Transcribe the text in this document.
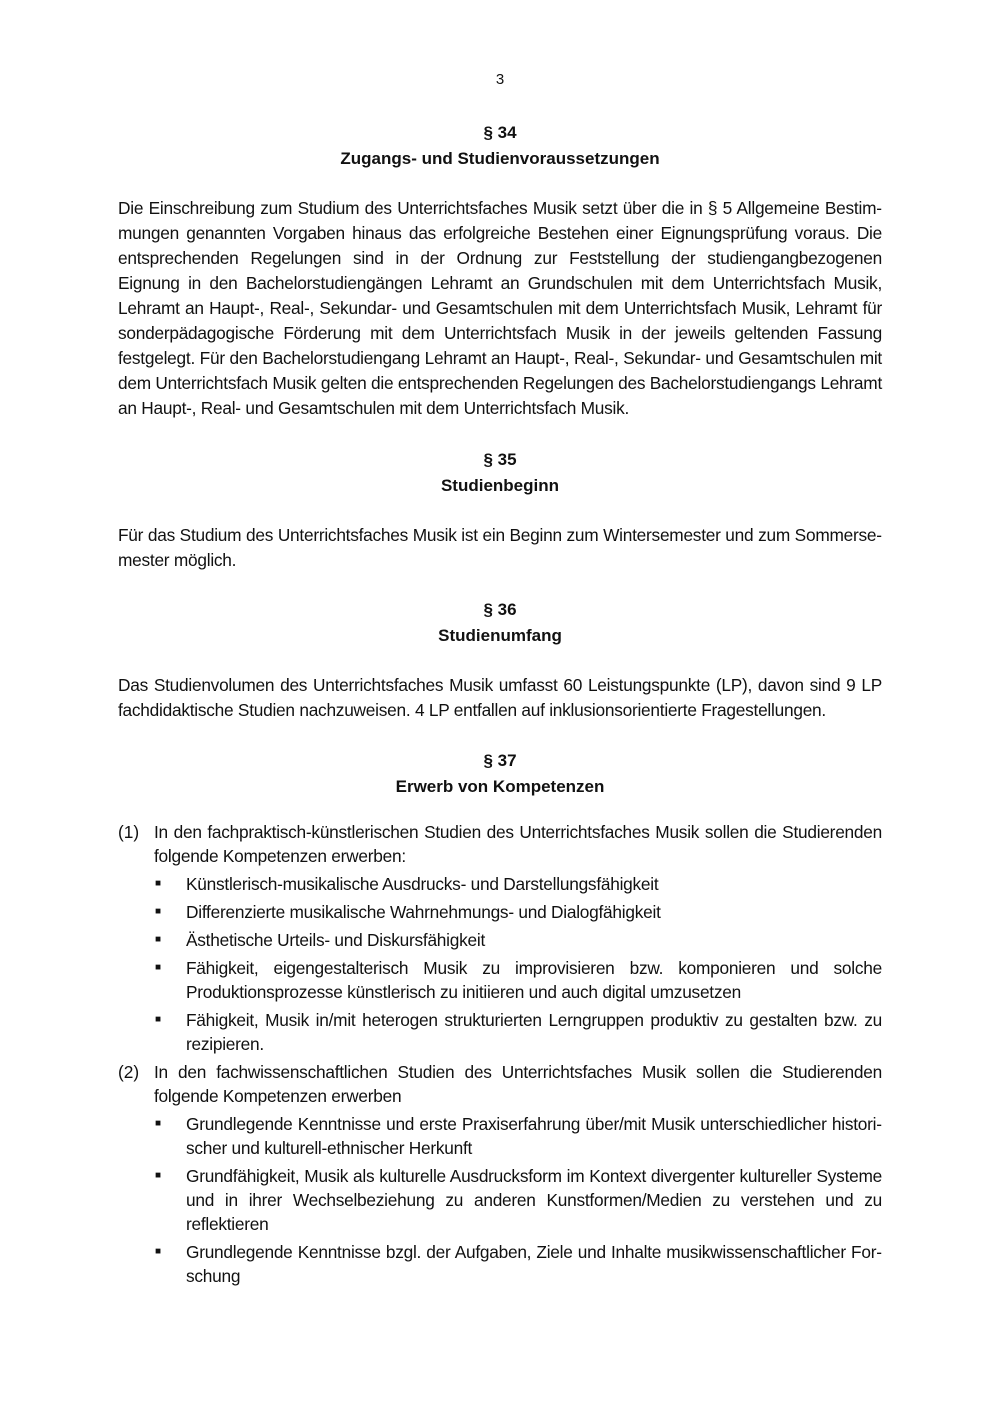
3
§ 34
Zugangs- und Studienvoraussetzungen
Die Einschreibung zum Studium des Unterrichtsfaches Musik setzt über die in § 5 Allgemeine Bestimmungen genannten Vorgaben hinaus das erfolgreiche Bestehen einer Eignungsprüfung voraus. Die entsprechenden Regelungen sind in der Ordnung zur Feststellung der studiengangbezogenen Eignung in den Bachelorstudiengängen Lehramt an Grundschulen mit dem Unterrichtsfach Musik, Lehramt an Haupt-, Real-, Sekundar- und Gesamtschulen mit dem Unterrichtsfach Musik, Lehramt für sonderpädagogische Förderung mit dem Unterrichtsfach Musik in der jeweils geltenden Fassung festgelegt. Für den Bachelorstudiengang Lehramt an Haupt-, Real-, Sekundar- und Gesamtschulen mit dem Unterrichtsfach Musik gelten die entsprechenden Regelungen des Bachelorstudiengangs Lehramt an Haupt-, Real- und Gesamtschulen mit dem Unterrichtsfach Musik.
§ 35
Studienbeginn
Für das Studium des Unterrichtsfaches Musik ist ein Beginn zum Wintersemester und zum Sommersemester möglich.
§ 36
Studienumfang
Das Studienvolumen des Unterrichtsfaches Musik umfasst 60 Leistungspunkte (LP), davon sind 9 LP fachdidaktische Studien nachzuweisen. 4 LP entfallen auf inklusionsorientierte Fragestellungen.
§ 37
Erwerb von Kompetenzen
(1) In den fachpraktisch-künstlerischen Studien des Unterrichtsfaches Musik sollen die Studierenden folgende Kompetenzen erwerben:
■	Künstlerisch-musikalische Ausdrucks- und Darstellungsfähigkeit
■	Differenzierte musikalische Wahrnehmungs- und Dialogfähigkeit
■	Ästhetische Urteils- und Diskursfähigkeit
■	Fähigkeit, eigengestalterisch Musik zu improvisieren bzw. komponieren und solche Produktionsprozesse künstlerisch zu initiieren und auch digital umzusetzen
■	Fähigkeit, Musik in/mit heterogen strukturierten Lerngruppen produktiv zu gestalten bzw. zu rezipieren.
(2) In den fachwissenschaftlichen Studien des Unterrichtsfaches Musik sollen die Studierenden folgende Kompetenzen erwerben
■	Grundlegende Kenntnisse und erste Praxiserfahrung über/mit Musik unterschiedlicher historischer und kulturell-ethnischer Herkunft
■	Grundfähigkeit, Musik als kulturelle Ausdrucksform im Kontext divergenter kultureller Systeme und in ihrer Wechselbeziehung zu anderen Kunstformen/Medien zu verstehen und zu reflektieren
■	Grundlegende Kenntnisse bzgl. der Aufgaben, Ziele und Inhalte musikwissenschaftlicher Forschung
